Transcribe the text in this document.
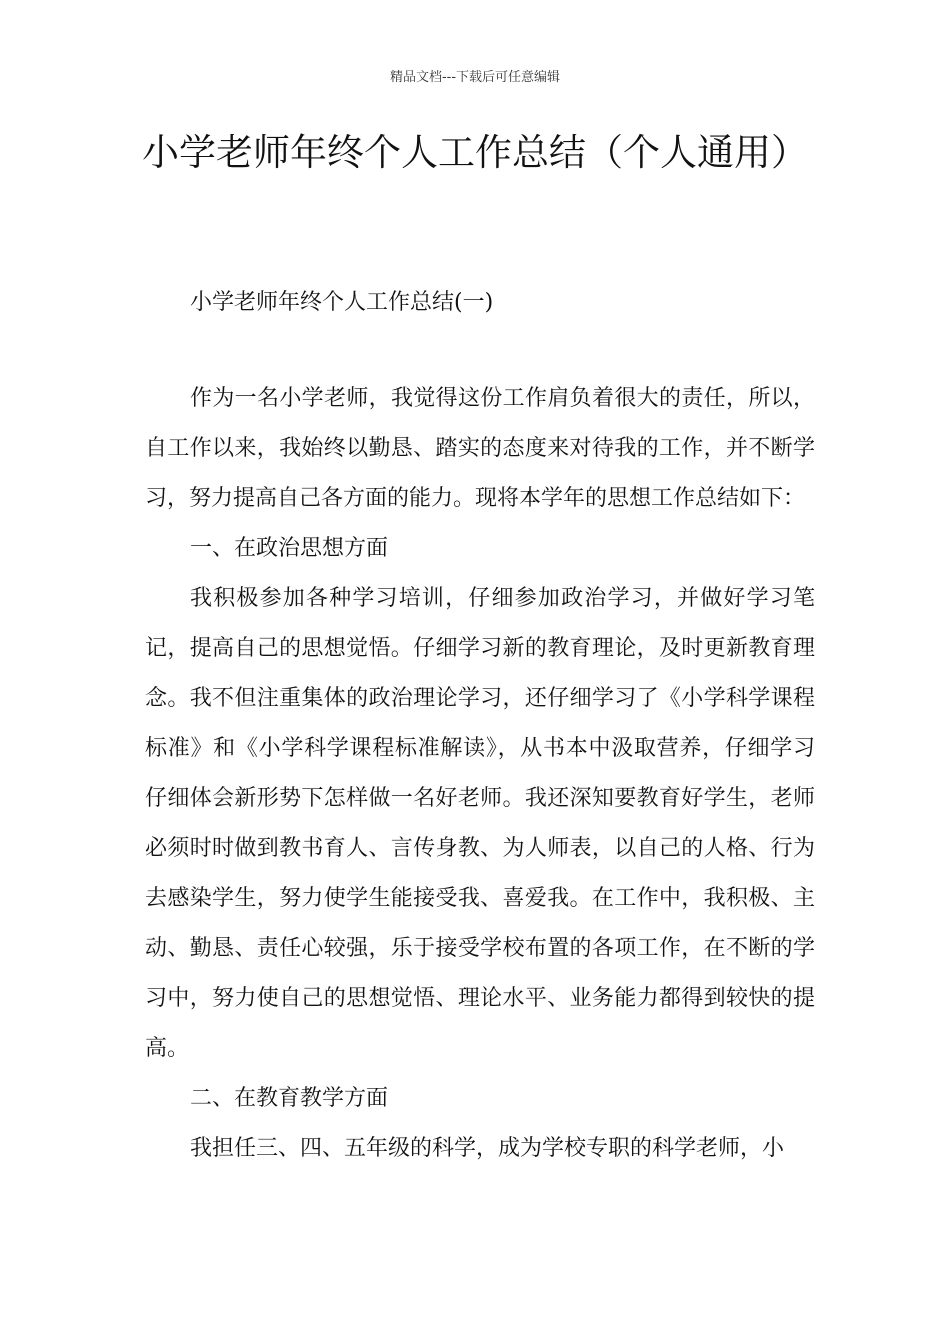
精品文档---下载后可任意编辑
小学老师年终个人工作总结（个人通用）
小学老师年终个人工作总结(一)

作为一名小学老师，我觉得这份工作肩负着很大的责任，所以，自工作以来，我始终以勤恳、踏实的态度来对待我的工作，并不断学习，努力提高自己各方面的能力。现将本学年的思想工作总结如下：

一、在政治思想方面

我积极参加各种学习培训，仔细参加政治学习，并做好学习笔记，提高自己的思想觉悟。仔细学习新的教育理论，及时更新教育理念。我不但注重集体的政治理论学习，还仔细学习了《小学科学课程标准》和《小学科学课程标准解读》，从书本中汲取营养，仔细学习仔细体会新形势下怎样做一名好老师。我还深知要教育好学生，老师必须时时做到教书育人、言传身教、为人师表，以自己的人格、行为去感染学生，努力使学生能接受我、喜爱我。在工作中，我积极、主动、勤恳、责任心较强，乐于接受学校布置的各项工作，在不断的学习中，努力使自己的思想觉悟、理论水平、业务能力都得到较快的提高。

二、在教育教学方面

我担任三、四、五年级的科学，成为学校专职的科学老师，小
